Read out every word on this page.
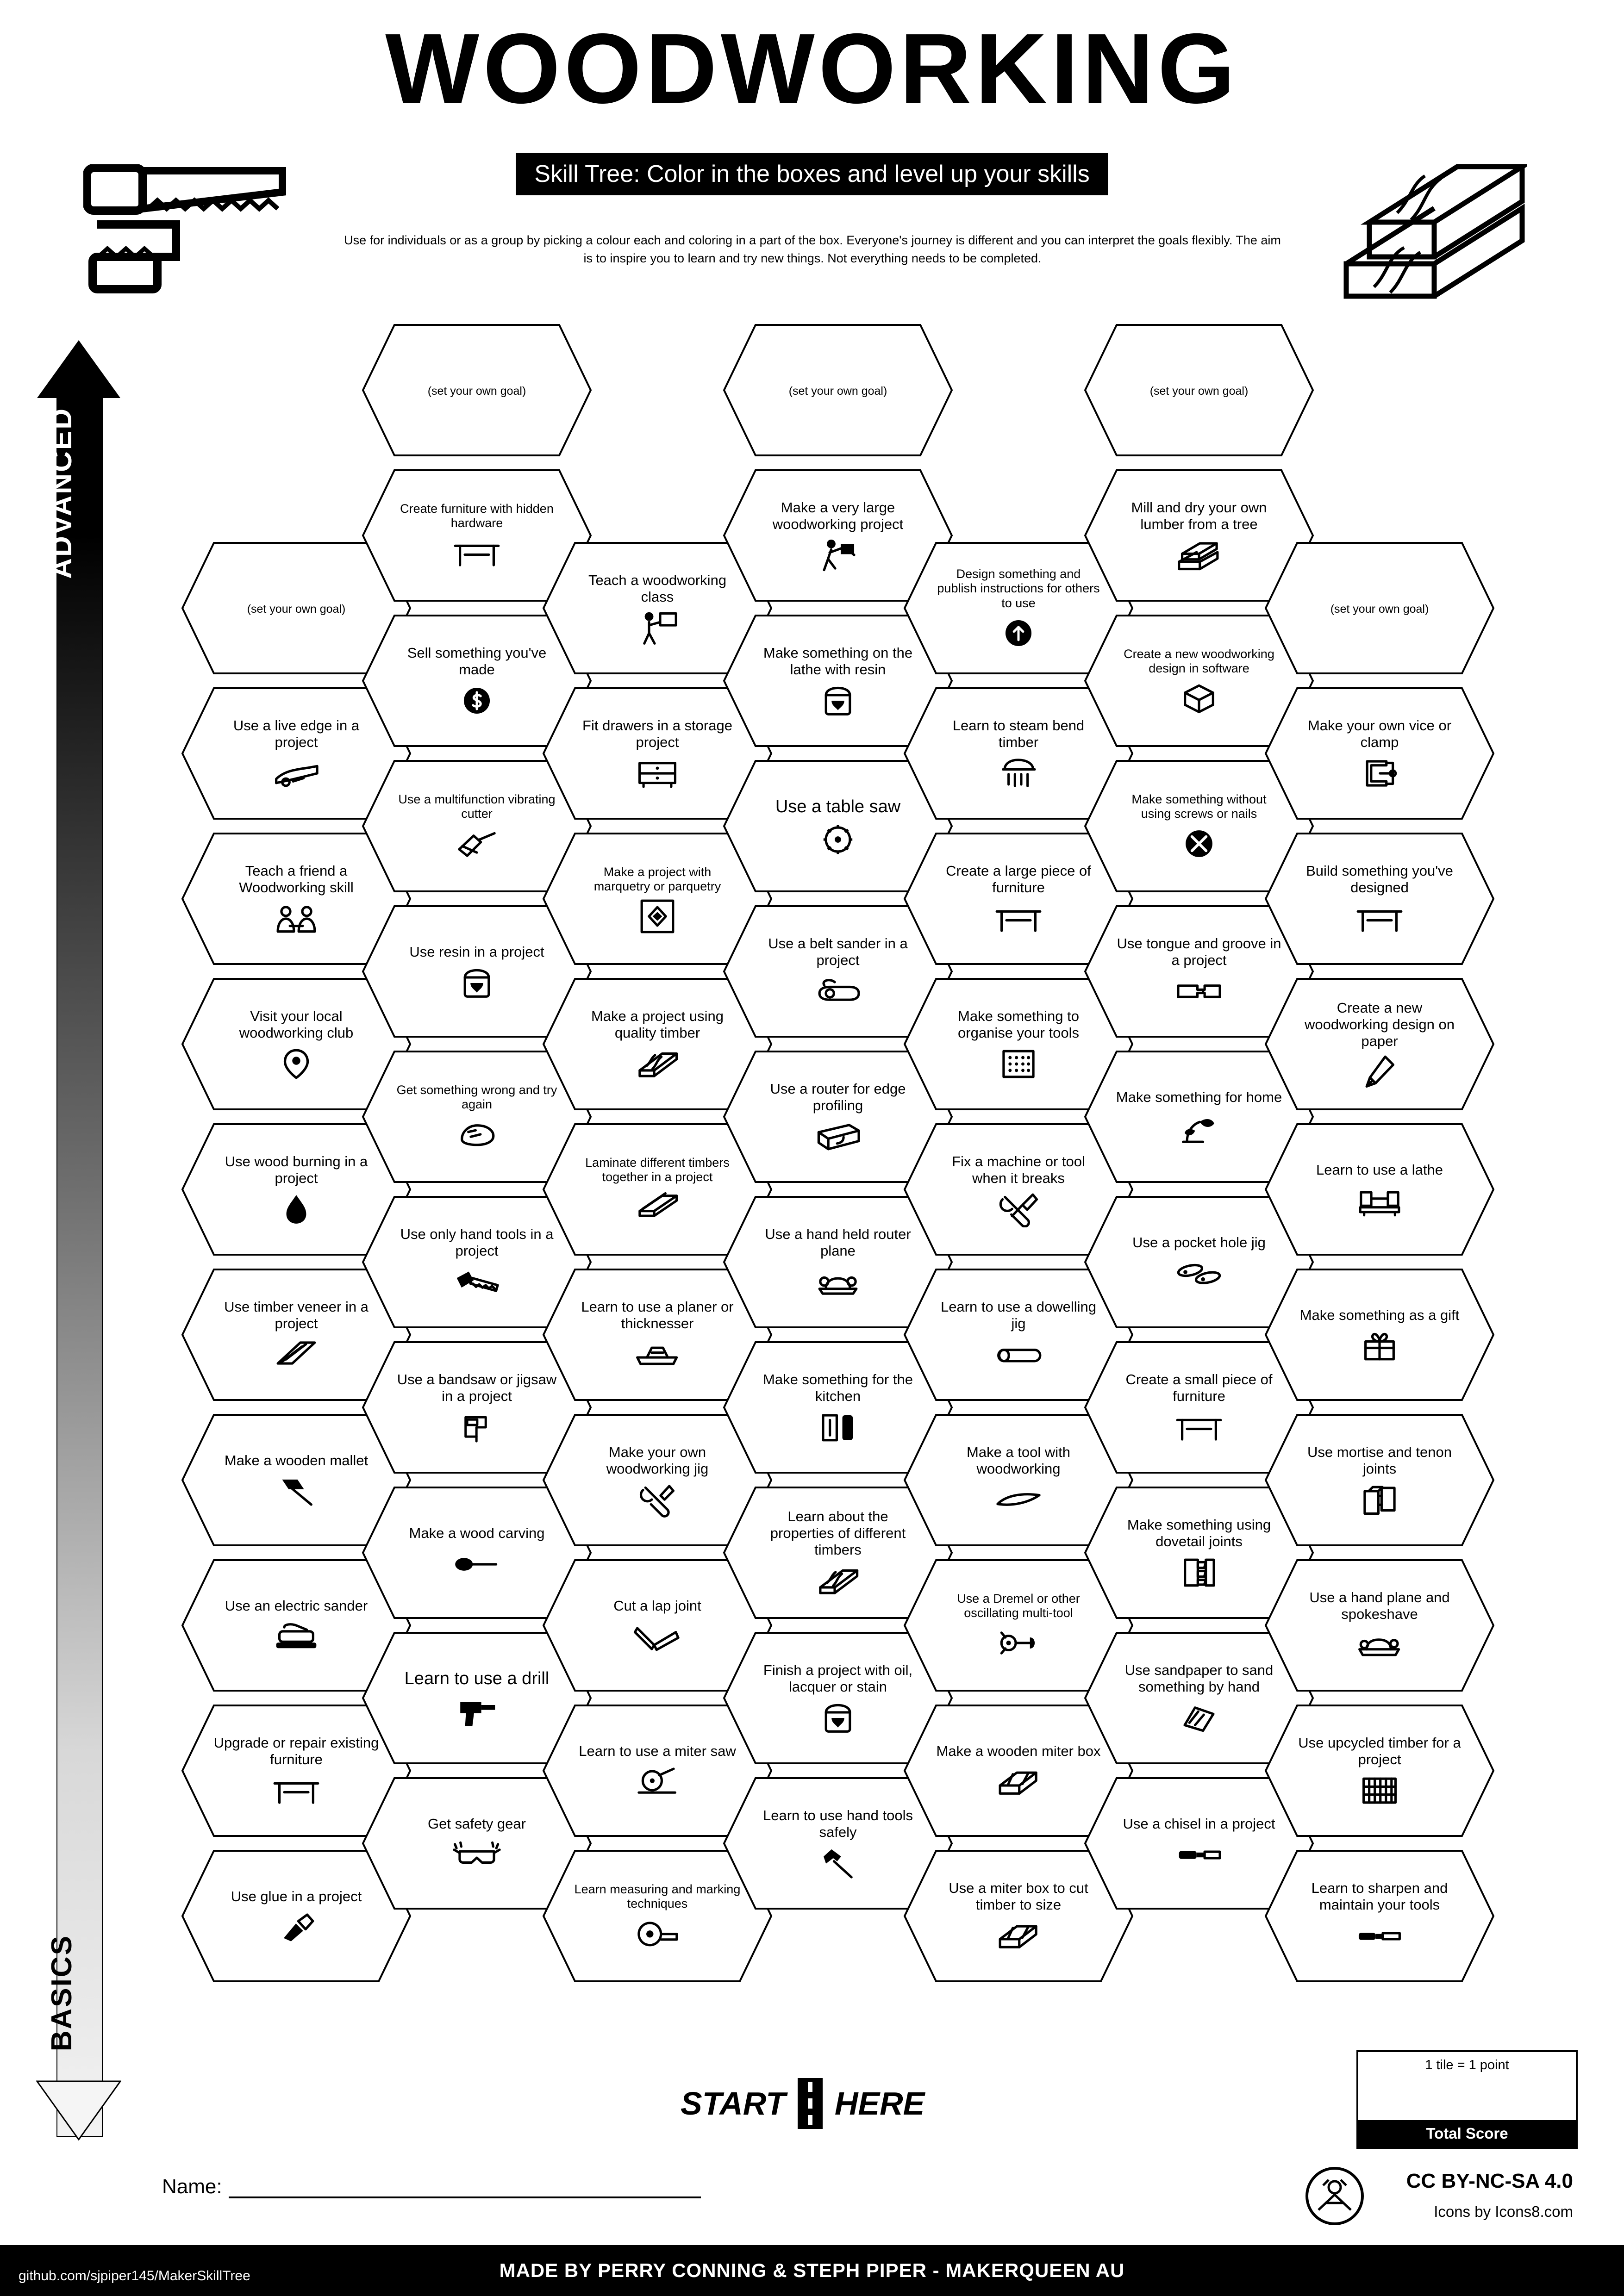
WOODWORKING
Skill Tree: Color in the boxes and level up your skills
Use for individuals or as a group by picking a colour each and coloring in a part of the box. Everyone's journey is different and you can interpret the goals flexibly. The aim is to inspire you to learn and try new things. Not everything needs to be completed.
ADVANCED
BASICS
(set your own goal)
Use a live edge in a project
Teach a friend a Woodworking skill
Visit your local woodworking club
Use wood burning in a project
Use timber veneer in a project
Make a wooden mallet
Use an electric sander
Upgrade or repair existing furniture
Use glue in a project
(set your own goal)
Create furniture with hidden hardware
Sell something you've made
Use a multifunction vibrating cutter
Use resin in a project
Get something wrong and try again
Use only hand tools in a project
Use a bandsaw or jigsaw in a project
Make a wood carving
Learn to use a drill
Get safety gear
Teach a woodworking class
Fit drawers in a storage project
Make a project with marquetry or parquetry
Make a project using quality timber
Laminate different timbers together in a project
Learn to use a planer or thicknesser
Make your own woodworking jig
Cut a lap joint
Learn to use a miter saw
Learn measuring and marking techniques
(set your own goal)
Make a very large woodworking project
Make something on the lathe with resin
Use a table saw
Use a belt sander in a project
Use a router for edge profiling
Use a hand held router plane
Make something for the kitchen
Learn about the properties of different timbers
Finish a project with oil, lacquer or stain
Learn to use hand tools safely
Design something and publish instructions for others to use
Learn to steam bend timber
Create a large piece of furniture
Make something to organise your tools
Fix a machine or tool when it breaks
Learn to use a dowelling jig
Make a tool with woodworking
Use a Dremel or other oscillating multi-tool
Make a wooden miter box
Use a miter box to cut timber to size
(set your own goal)
Mill and dry your own lumber from a tree
Create a new woodworking design in software
Make something without using screws or nails
Use tongue and groove in a project
Make something for home
Use a pocket hole jig
Create a small piece of furniture
Make something using dovetail joints
Use sandpaper to sand something by hand
Use a chisel in a project
(set your own goal)
Make your own vice or clamp
Build something you've designed
Create a new woodworking design on paper
Learn to use a lathe
Make something as a gift
Use mortise and tenon joints
Use a hand plane and spokeshave
Use upcycled timber for a project
Learn to sharpen and maintain your tools
START HERE
1 tile = 1 point
Total Score
Name:	CC BY-NC-SA 4.0
Icons by Icons8.com
MADE BY PERRY CONNING & STEPH PIPER - MAKERQUEEN AU
github.com/sjpiper145/MakerSkillTree
